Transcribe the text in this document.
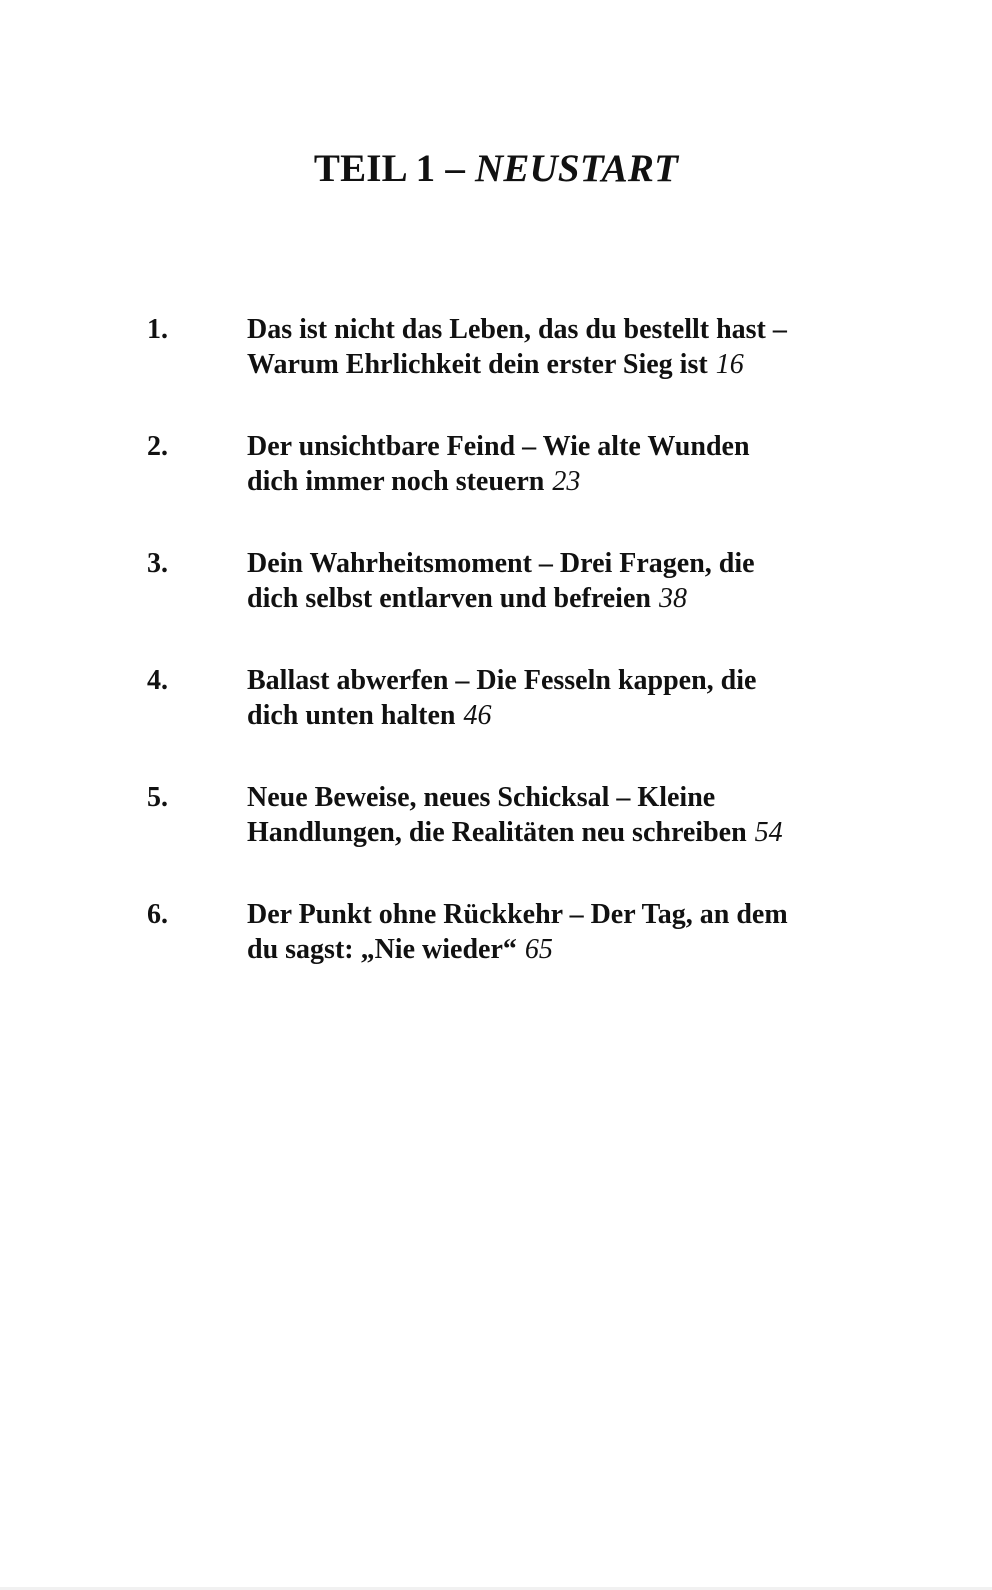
TEIL 1 – NEUSTART
1.	Das ist nicht das Leben, das du bestellt hast –
Warum Ehrlichkeit dein erster Sieg ist 16
2.	Der unsichtbare Feind – Wie alte Wunden
dich immer noch steuern 23
3.	Dein Wahrheitsmoment – Drei Fragen, die
dich selbst entlarven und befreien 38
4.	Ballast abwerfen – Die Fesseln kappen, die
dich unten halten 46
5.	Neue Beweise, neues Schicksal – Kleine
Handlungen, die Realitäten neu schreiben 54
6.	Der Punkt ohne Rückkehr – Der Tag, an dem
du sagst: „Nie wieder“ 65
